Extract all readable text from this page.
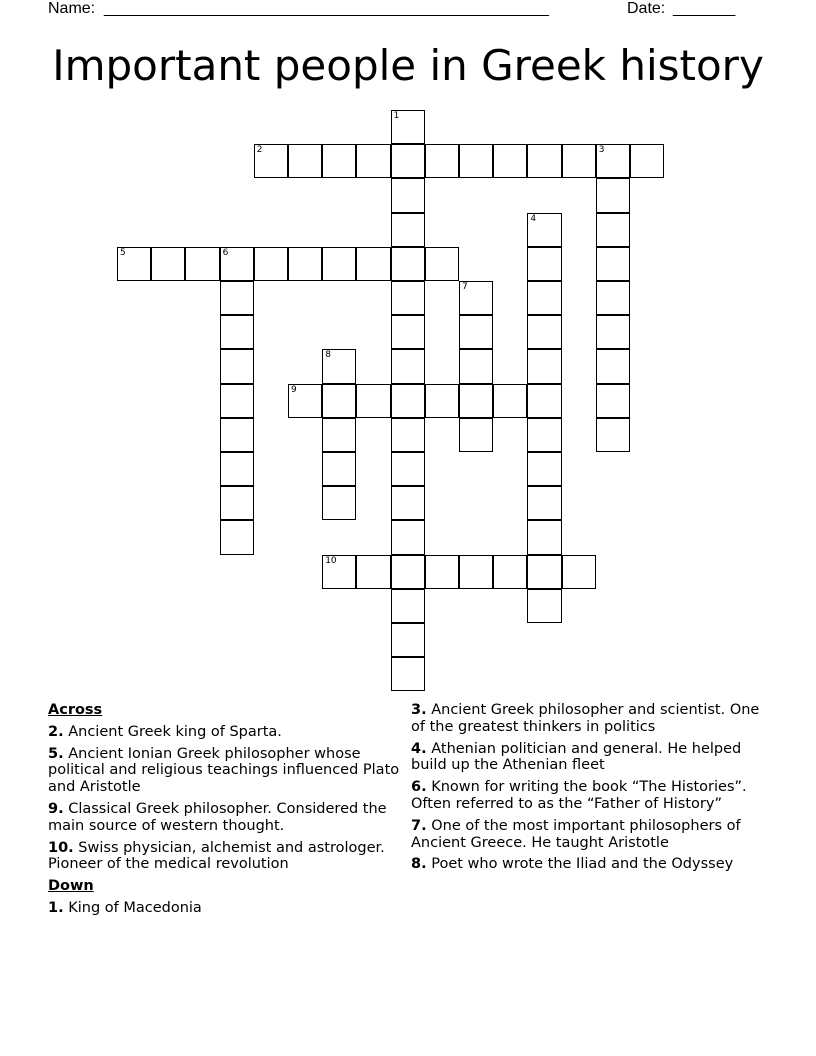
Name:

__________________________________________________

	Date:

_______

Important people in Greek history
1
2	3
4
5	6
7
8
9
10
Across
2. Ancient Greek king of Sparta.
5. Ancient Ionian Greek philosopher whose political and religious teachings influenced Plato and Aristotle
9. Classical Greek philosopher. Considered the main source of western thought.
10. Swiss physician, alchemist and astrologer. Pioneer of the medical revolution
Down
1. King of Macedonia
3. Ancient Greek philosopher and scientist. One of the greatest thinkers in politics
4. Athenian politician and general. He helped build up the Athenian fleet
6. Known for writing the book “The Histories”. Often referred to as the “Father of History”
7. One of the most important philosophers of Ancient Greece. He taught Aristotle
8. Poet who wrote the Iliad and the Odyssey
